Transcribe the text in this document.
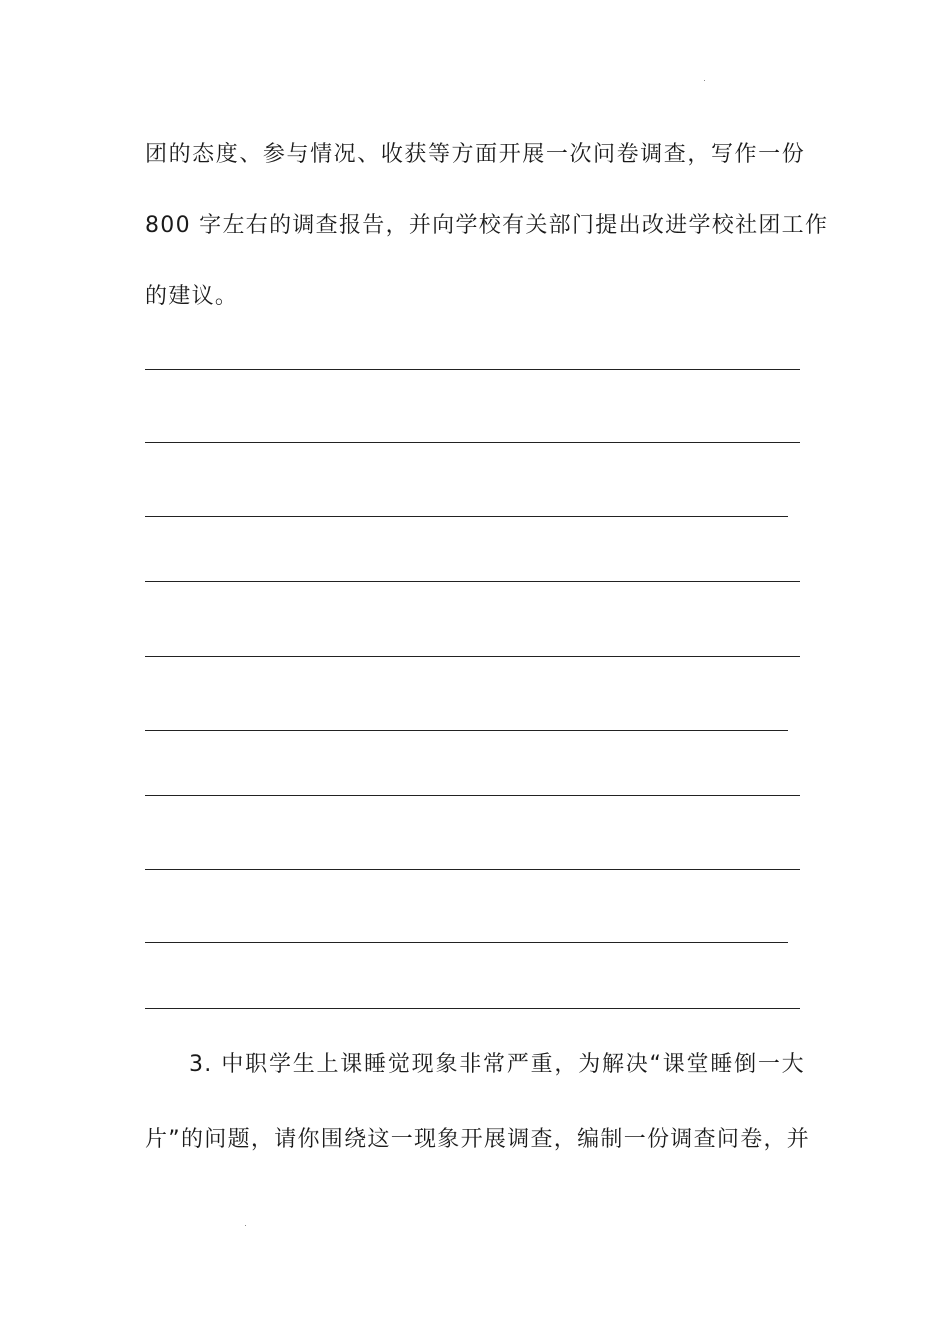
团的态度、参与情况、收获等方面开展一次问卷调查，写作一份
800 字左右的调查报告，并向学校有关部门提出改进学校社团工作
的建议。
3. 中职学生上课睡觉现象非常严重，为解决“课堂睡倒一大
片”的问题，请你围绕这一现象开展调查，编制一份调查问卷，并
